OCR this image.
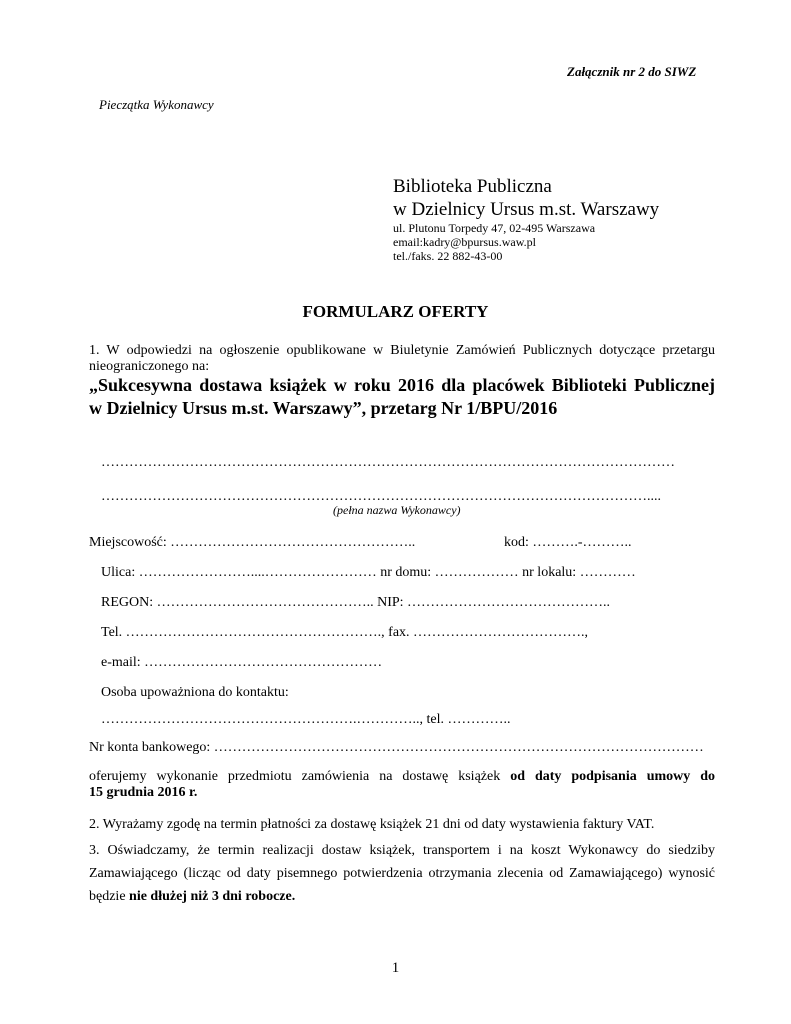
Załącznik nr 2 do SIWZ
Pieczątka Wykonawcy
Biblioteka Publiczna
w Dzielnicy Ursus m.st. Warszawy
ul. Plutonu Torpedy 47, 02-495 Warszawa
email:kadry@bpursus.waw.pl
tel./faks. 22 882-43-00
FORMULARZ OFERTY
1. W odpowiedzi na ogłoszenie opublikowane w Biuletynie Zamówień Publicznych dotyczące przetargu
nieograniczonego na:
„Sukcesywna dostawa książek w roku 2016 dla placówek Biblioteki Publicznej
w Dzielnicy Ursus m.st. Warszawy”, przetarg Nr 1/BPU/2016
……………………………………………………………………………………………………………
………………………………………………………………………………………………………....
(pełna nazwa Wykonawcy)
Miejscowość: ……………………………………………..	kod: ……….-………..
Ulica: ……………………....…………………… nr domu: ……………… nr lokalu: …………
REGON: ……………………………………….. NIP: ……………………………………..
Tel. ………………………………………………., fax. ……………………………….,
e-mail: ……………………………………………
Osoba upoważniona do kontaktu:
……………………………………………….………….., tel. …………..
Nr konta bankowego: ……………………………………………………………………………………………
oferujemy wykonanie przedmiotu zamówienia na dostawę książek od daty podpisania umowy do
15 grudnia 2016 r.
2. Wyrażamy zgodę na termin płatności za dostawę książek 21 dni od daty wystawienia faktury VAT.
3. Oświadczamy, że termin realizacji dostaw książek, transportem i na koszt Wykonawcy do siedziby
Zamawiającego (licząc od daty pisemnego potwierdzenia otrzymania zlecenia od Zamawiającego) wynosić
będzie nie dłużej niż 3 dni robocze.
1
